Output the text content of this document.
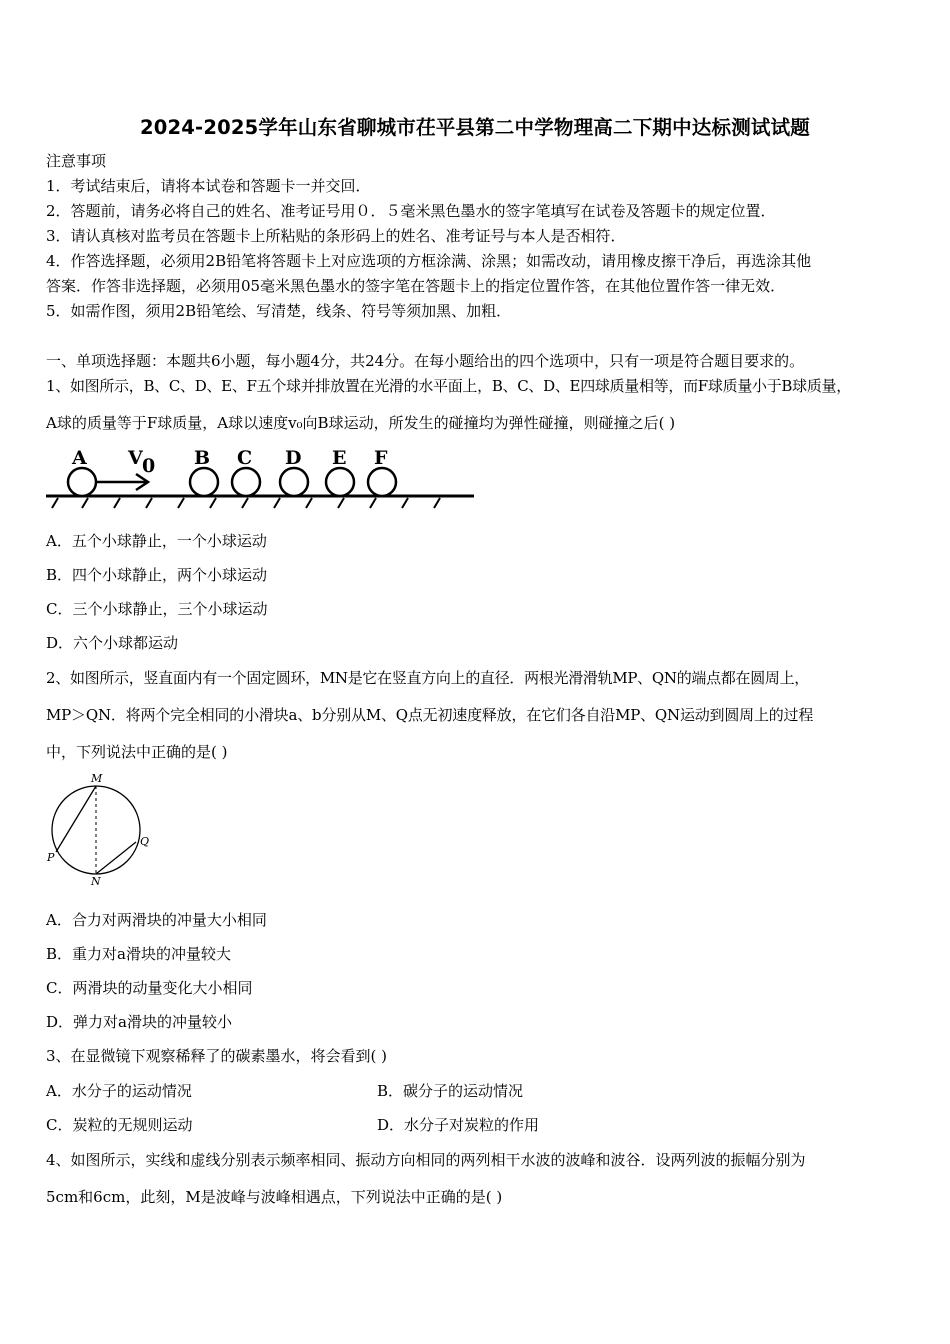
2024-2025学年山东省聊城市茌平县第二中学物理高二下期中达标测试试题
注意事项
1．考试结束后，请将本试卷和答题卡一并交回．
2．答题前，请务必将自己的姓名、准考证号用０．５毫米黑色墨水的签字笔填写在试卷及答题卡的规定位置．
3．请认真核对监考员在答题卡上所粘贴的条形码上的姓名、准考证号与本人是否相符．
4．作答选择题，必须用2B铅笔将答题卡上对应选项的方框涂满、涂黑；如需改动，请用橡皮擦干净后，再选涂其他
答案．作答非选择题，必须用05毫米黑色墨水的签字笔在答题卡上的指定位置作答，在其他位置作答一律无效．
5．如需作图，须用2B铅笔绘、写清楚，线条、符号等须加黑、加粗．
一、单项选择题：本题共6小题，每小题4分，共24分。在每小题给出的四个选项中，只有一项是符合题目要求的。
1、如图所示，B、C、D、E、F五个球并排放置在光滑的水平面上，B、C、D、E四球质量相等，而F球质量小于B球质量，
A球的质量等于F球质量，A球以速度v₀向B球运动，所发生的碰撞均为弹性碰撞，则碰撞之后( )
A V 0 B C D E F
A．五个小球静止，一个小球运动
B．四个小球静止，两个小球运动
C．三个小球静止，三个小球运动
D．六个小球都运动
2、如图所示，竖直面内有一个固定圆环，MN是它在竖直方向上的直径．两根光滑滑轨MP、QN的端点都在圆周上，
MP＞QN．将两个完全相同的小滑块a、b分别从M、Q点无初速度释放，在它们各自沿MP、QN运动到圆周上的过程
中，下列说法中正确的是( )
M
P
Q
N
A．合力对两滑块的冲量大小相同
B．重力对a滑块的冲量较大
C．两滑块的动量变化大小相同
D．弹力对a滑块的冲量较小
3、在显微镜下观察稀释了的碳素墨水，将会看到( )
A．水分子的运动情况	B．碳分子的运动情况
C．炭粒的无规则运动	D．水分子对炭粒的作用
4、如图所示，实线和虚线分别表示频率相同、振动方向相同的两列相干水波的波峰和波谷．设两列波的振幅分别为
5cm和6cm，此刻，M是波峰与波峰相遇点，下列说法中正确的是( )
